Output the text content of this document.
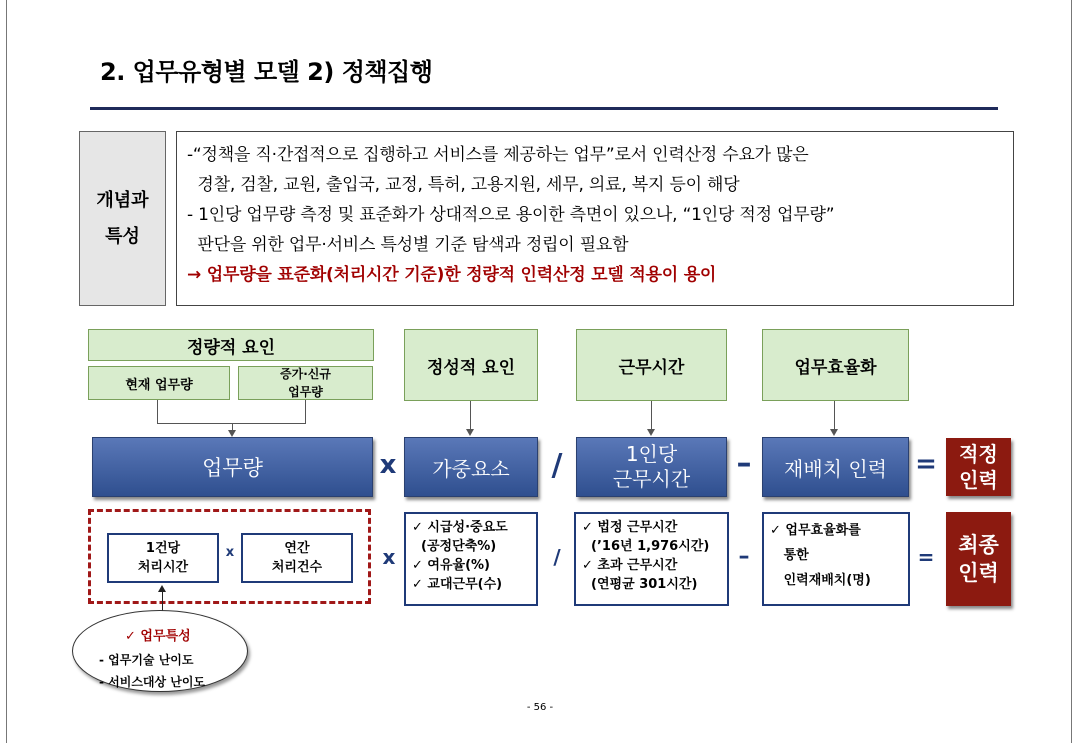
2. 업무유형별 모델 2) 정책집행
개념과
특성
-“정책을 직·간접적으로 집행하고 서비스를 제공하는 업무”로서 인력산정 수요가 많은
경찰, 검찰, 교원, 출입국, 교정, 특허, 고용지원, 세무, 의료, 복지 등이 해당
- 1인당 업무량 측정 및 표준화가 상대적으로 용이한 측면이 있으나, “1인당 적정 업무량”
판단을 위한 업무·서비스 특성별 기준 탐색과 정립이 필요함
→ 업무량을 표준화(처리시간 기준)한 정량적 인력산정 모델 적용이 용이
정량적 요인
현재 업무량
증가·신규
업무량
정성적 요인	근무시간	업무효율화
업무량	x	가중요소	/	1인당
근무시간	–	재배치 인력	=	적정
인력
1건당
처리시간
x	연간
처리건수	x
✓ 시급성·중요도
(공정단축%)
✓ 여유율(%)
✓ 교대근무(수)
/
✓ 법정 근무시간
(’16년 1,976시간)
✓ 초과 근무시간
(연평균 301시간)
–
✓ 업무효율화를
통한
인력재배치(명)
=	최종
인력
✓ 업무특성
- 업무기술 난이도
- 서비스대상 난이도
- 56 -
